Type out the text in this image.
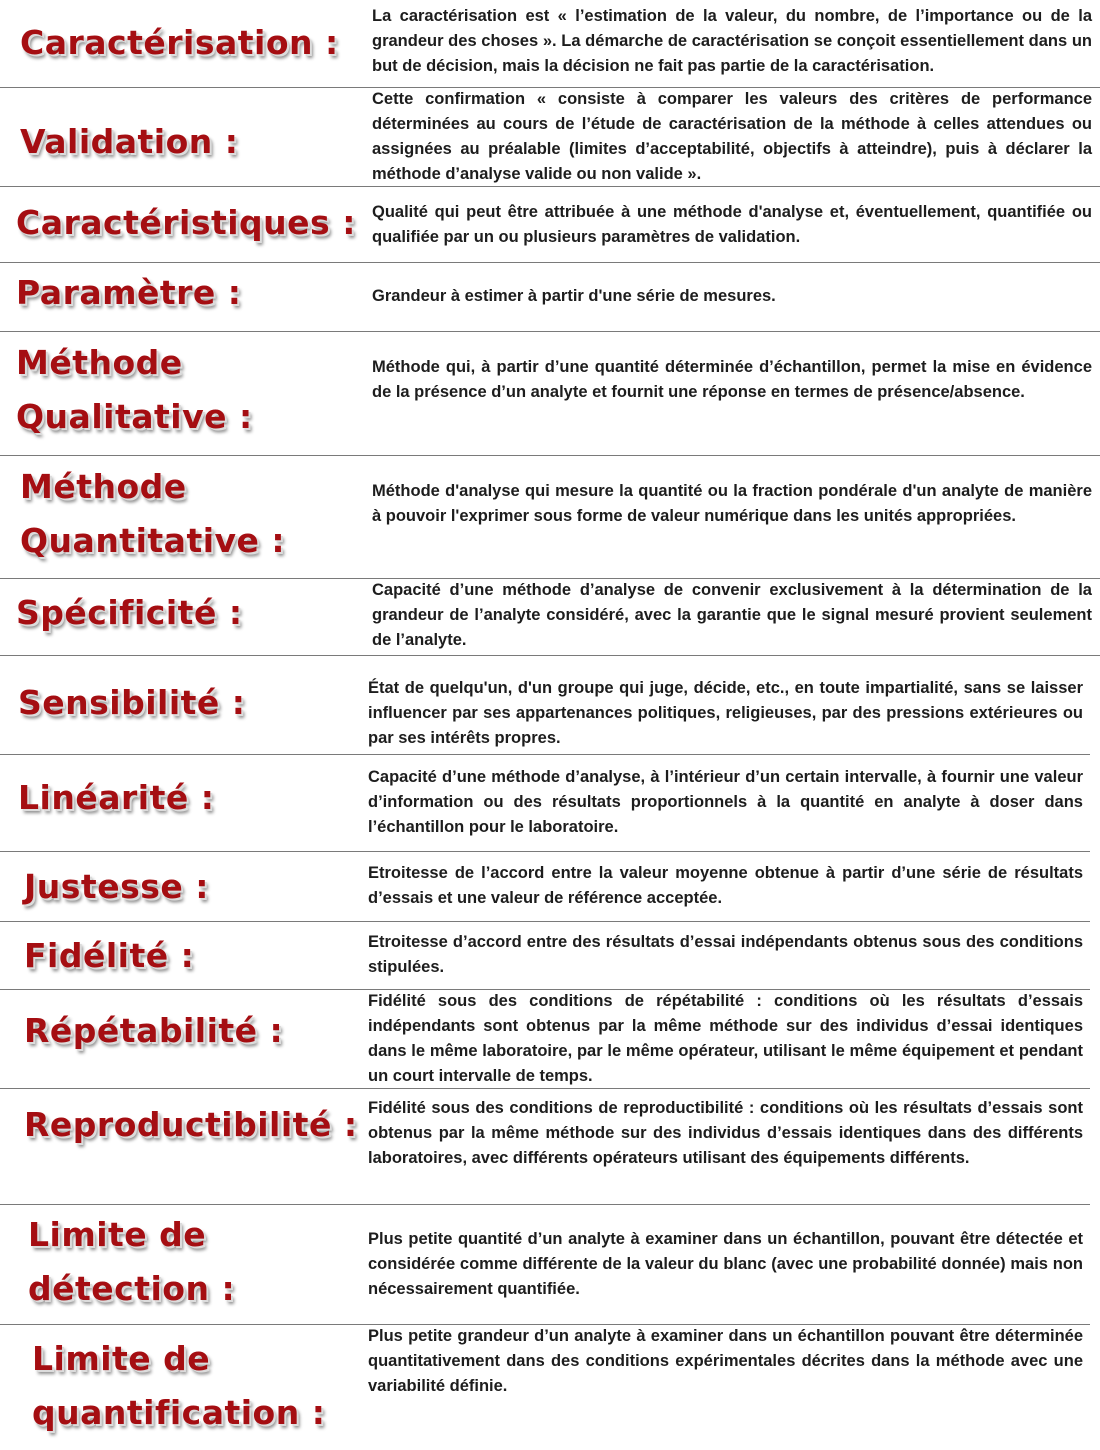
Caractérisation :
La caractérisation est « l’estimation de la valeur, du nombre, de l’importance ou de la grandeur des choses ». La démarche de caractérisation se conçoit essentiellement dans un but de décision, mais la décision ne fait pas partie de la caractérisation.
Validation :
Cette confirmation « consiste à comparer les valeurs des critères de performance déterminées au cours de l’étude de caractérisation de la méthode à celles attendues ou assignées au préalable (limites d’acceptabilité, objectifs à atteindre), puis à déclarer la méthode d’analyse valide ou non valide ».
Caractéristiques : Qualité qui peut être attribuée à une méthode d'analyse et, éventuellement, quantifiée ou qualifiée par un ou plusieurs paramètres de validation.
Paramètre :	Grandeur à estimer à partir d'une série de mesures.
Méthode
Qualitative :
Méthode qui, à partir d’une quantité déterminée d’échantillon, permet la mise en évidence de la présence d’un analyte et fournit une réponse en termes de présence/absence.
Méthode
Quantitative :
Méthode d'analyse qui mesure la quantité ou la fraction pondérale d'un analyte de manière à pouvoir l'exprimer sous forme de valeur numérique dans les unités appropriées.
Spécificité :
Capacité d’une méthode d’analyse de convenir exclusivement à la détermination de la grandeur de l’analyte considéré, avec la garantie que le signal mesuré provient seulement de l’analyte.
Sensibilité :	État de quelqu'un, d'un groupe qui juge, décide, etc., en toute impartialité, sans se laisser influencer par ses appartenances politiques, religieuses, par des pressions extérieures ou par ses intérêts propres.
Linéarité :
Capacité d’une méthode d’analyse, à l’intérieur d’un certain intervalle, à fournir une valeur d’information ou des résultats proportionnels à la quantité en analyte à doser dans l’échantillon pour le laboratoire.
Justesse :	Etroitesse de l’accord entre la valeur moyenne obtenue à partir d’une série de résultats d’essais et une valeur de référence acceptée.
Fidélité :	Etroitesse d’accord entre des résultats d’essai indépendants obtenus sous des conditions stipulées.
Répétabilité :
Fidélité sous des conditions de répétabilité : conditions où les résultats d’essais indépendants sont obtenus par la même méthode sur des individus d’essai identiques dans le même laboratoire, par le même opérateur, utilisant le même équipement et pendant un court intervalle de temps.
Reproductibilité : Fidélité sous des conditions de reproductibilité : conditions où les résultats d’essais sont obtenus par la même méthode sur des individus d’essais identiques dans des différents laboratoires, avec différents opérateurs utilisant des équipements différents.
Limite de
détection :
Plus petite quantité d’un analyte à examiner dans un échantillon, pouvant être détectée et considérée comme différente de la valeur du blanc (avec une probabilité donnée) mais non nécessairement quantifiée.
Limite de
quantification :
Plus petite grandeur d’un analyte à examiner dans un échantillon pouvant être déterminée quantitativement dans des conditions expérimentales décrites dans la méthode avec une variabilité définie.
